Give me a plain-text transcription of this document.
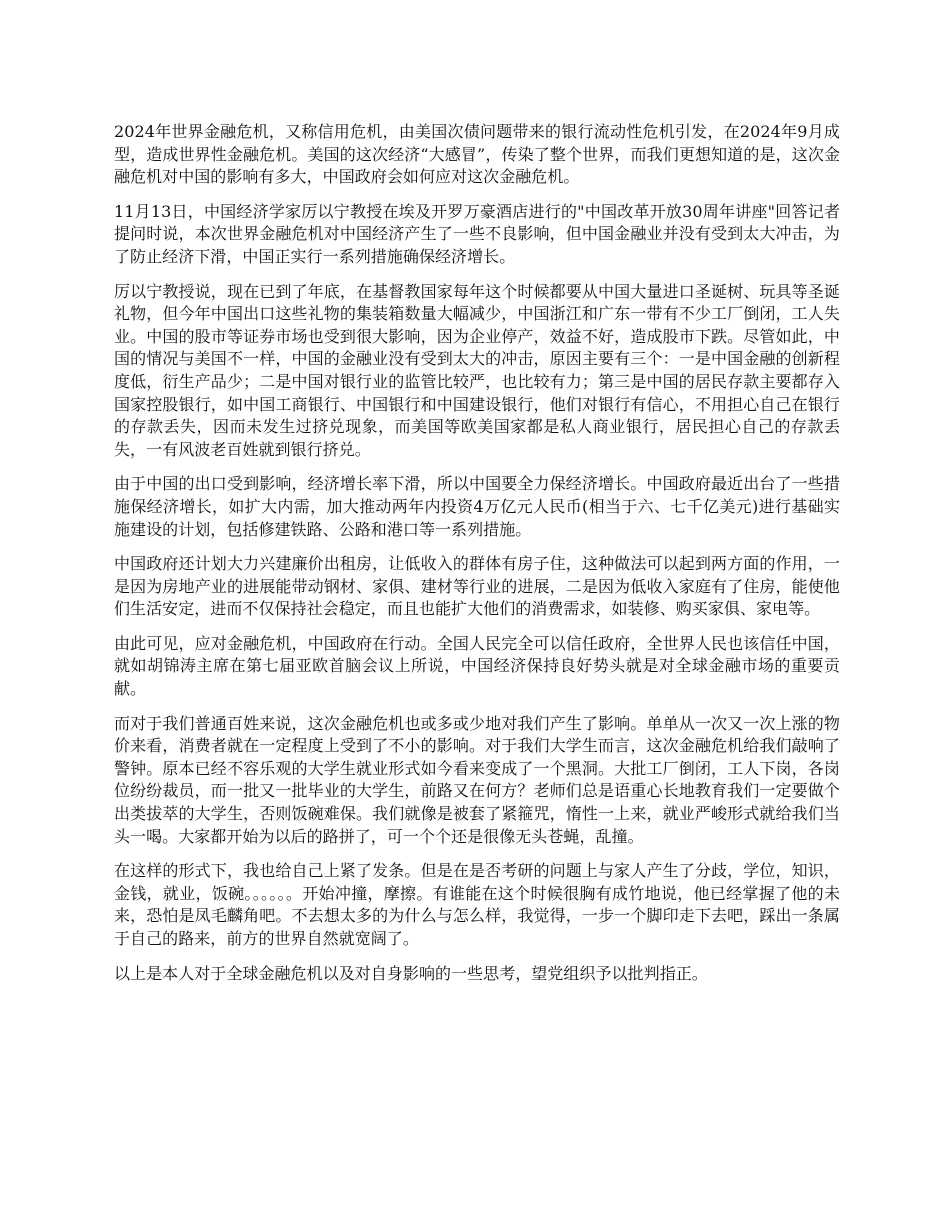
2024年世界金融危机，又称信用危机，由美国次债问题带来的银行流动性危机引发，在2024年9月成型，造成世界性金融危机。美国的这次经济“大感冒”，传染了整个世界，而我们更想知道的是，这次金融危机对中国的影响有多大，中国政府会如何应对这次金融危机。

11月13日，中国经济学家厉以宁教授在埃及开罗万豪酒店进行的"中国改革开放30周年讲座"回答记者提问时说，本次世界金融危机对中国经济产生了一些不良影响，但中国金融业并没有受到太大冲击，为了防止经济下滑，中国正实行一系列措施确保经济增长。

厉以宁教授说，现在已到了年底，在基督教国家每年这个时候都要从中国大量进口圣诞树、玩具等圣诞礼物，但今年中国出口这些礼物的集装箱数量大幅减少，中国浙江和广东一带有不少工厂倒闭，工人失业。中国的股市等证券市场也受到很大影响，因为企业停产，效益不好，造成股市下跌。尽管如此，中国的情况与美国不一样，中国的金融业没有受到太大的冲击，原因主要有三个：一是中国金融的创新程度低，衍生产品少；二是中国对银行业的监管比较严，也比较有力；第三是中国的居民存款主要都存入国家控股银行，如中国工商银行、中国银行和中国建设银行，他们对银行有信心，不用担心自己在银行的存款丢失，因而未发生过挤兑现象，而美国等欧美国家都是私人商业银行，居民担心自己的存款丢失，一有风波老百姓就到银行挤兑。

由于中国的出口受到影响，经济增长率下滑，所以中国要全力保经济增长。中国政府最近出台了一些措施保经济增长，如扩大内需，加大推动两年内投资4万亿元人民币(相当于六、七千亿美元)进行基础实施建设的计划，包括修建铁路、公路和港口等一系列措施。

中国政府还计划大力兴建廉价出租房，让低收入的群体有房子住，这种做法可以起到两方面的作用，一是因为房地产业的进展能带动钢材、家俱、建材等行业的进展，二是因为低收入家庭有了住房，能使他们生活安定，进而不仅保持社会稳定，而且也能扩大他们的消费需求，如装修、购买家俱、家电等。

由此可见，应对金融危机，中国政府在行动。全国人民完全可以信任政府，全世界人民也该信任中国，就如胡锦涛主席在第七届亚欧首脑会议上所说，中国经济保持良好势头就是对全球金融市场的重要贡献。

而对于我们普通百姓来说，这次金融危机也或多或少地对我们产生了影响。单单从一次又一次上涨的物价来看，消费者就在一定程度上受到了不小的影响。对于我们大学生而言，这次金融危机给我们敲响了警钟。原本已经不容乐观的大学生就业形式如今看来变成了一个黑洞。大批工厂倒闭，工人下岗，各岗位纷纷裁员，而一批又一批毕业的大学生，前路又在何方？老师们总是语重心长地教育我们一定要做个出类拔萃的大学生，否则饭碗难保。我们就像是被套了紧箍咒，惰性一上来，就业严峻形式就给我们当头一喝。大家都开始为以后的路拼了，可一个个还是很像无头苍蝇，乱撞。

在这样的形式下，我也给自己上紧了发条。但是在是否考研的问题上与家人产生了分歧，学位，知识，金钱，就业，饭碗。。。。。。开始冲撞，摩擦。有谁能在这个时候很胸有成竹地说，他已经掌握了他的未来，恐怕是凤毛麟角吧。不去想太多的为什么与怎么样，我觉得，一步一个脚印走下去吧，踩出一条属于自己的路来，前方的世界自然就宽阔了。

以上是本人对于全球金融危机以及对自身影响的一些思考，望党组织予以批判指正。
